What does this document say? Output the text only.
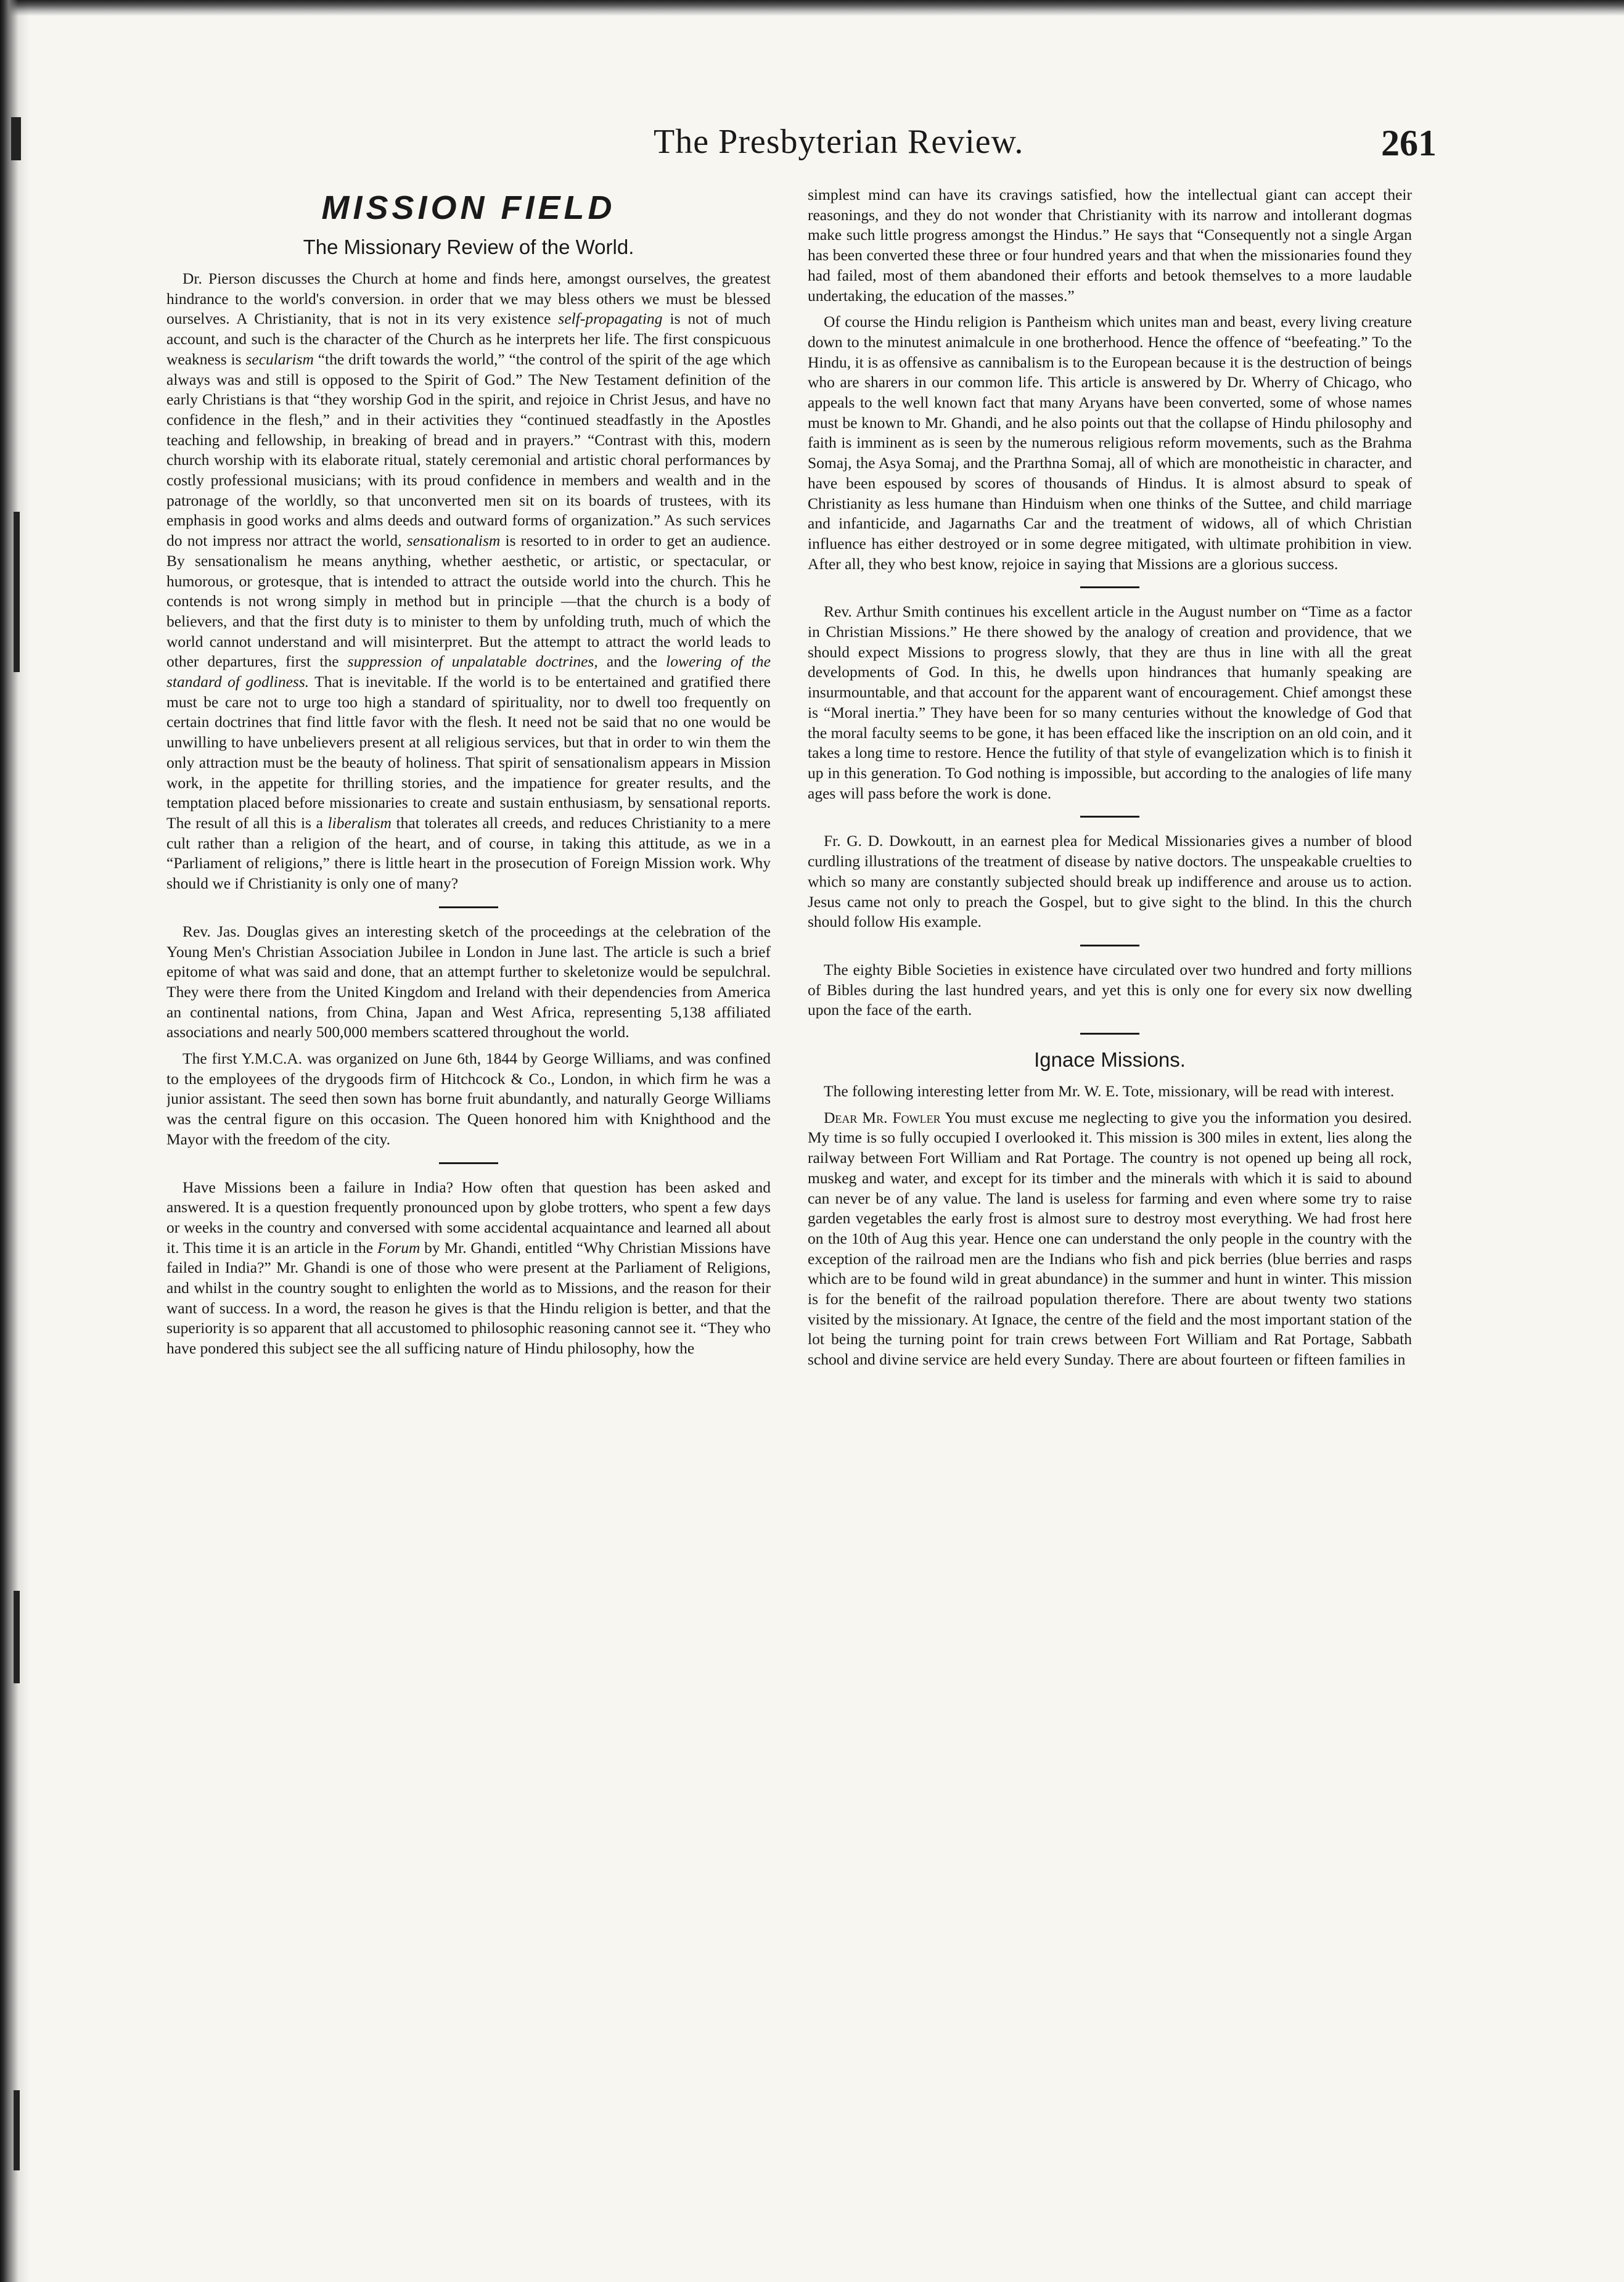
The Presbyterian Review.	261
MISSION FIELD
The Missionary Review of the World.

Dr. Pierson discusses the Church at home and finds here, amongst ourselves, the greatest hindrance to the world's conversion. in order that we may bless others we must be blessed ourselves. A Christianity, that is not in its very existence self-propagating is not of much account, and such is the character of the Church as he interprets her life. The first conspicuous weakness is secularism “the drift towards the world,” “the control of the spirit of the age which always was and still is opposed to the Spirit of God.” The New Testament definition of the early Christians is that “they worship God in the spirit, and rejoice in Christ Jesus, and have no confidence in the flesh,” and in their activities they “continued steadfastly in the Apostles teaching and fellowship, in breaking of bread and in prayers.” “Contrast with this, modern church worship with its elaborate ritual, stately ceremonial and artistic choral performances by costly professional musicians; with its proud confidence in members and wealth and in the patronage of the worldly, so that unconverted men sit on its boards of trustees, with its emphasis in good works and alms deeds and outward forms of organization.” As such services do not impress nor attract the world, sensationalism is resorted to in order to get an audience. By sensationalism he means anything, whether aesthetic, or artistic, or spectacular, or humorous, or grotesque, that is intended to attract the outside world into the church. This he contends is not wrong simply in method but in principle —that the church is a body of believers, and that the first duty is to minister to them by unfolding truth, much of which the world cannot understand and will misinterpret. But the attempt to attract the world leads to other departures, first the suppression of unpalatable doctrines, and the lowering of the standard of godliness. That is inevitable. If the world is to be entertained and gratified there must be care not to urge too high a standard of spirituality, nor to dwell too frequently on certain doctrines that find little favor with the flesh. It need not be said that no one would be unwilling to have unbelievers present at all religious services, but that in order to win them the only attraction must be the beauty of holiness. That spirit of sensationalism appears in Mission work, in the appetite for thrilling stories, and the impatience for greater results, and the temptation placed before missionaries to create and sustain enthusiasm, by sensational reports. The result of all this is a liberalism that tolerates all creeds, and reduces Christianity to a mere cult rather than a religion of the heart, and of course, in taking this attitude, as we in a “Parliament of religions,” there is little heart in the prosecution of Foreign Mission work. Why should we if Christianity is only one of many?

Rev. Jas. Douglas gives an interesting sketch of the proceedings at the celebration of the Young Men's Christian Association Jubilee in London in June last. The article is such a brief epitome of what was said and done, that an attempt further to skeletonize would be sepulchral. They were there from the United Kingdom and Ireland with their dependencies from America an continental nations, from China, Japan and West Africa, representing 5,138 affiliated associations and nearly 500,000 members scattered throughout the world.

The first Y.M.C.A. was organized on June 6th, 1844 by George Williams, and was confined to the employees of the drygoods firm of Hitchcock & Co., London, in which firm he was a junior assistant. The seed then sown has borne fruit abundantly, and naturally George Williams was the central figure on this occasion. The Queen honored him with Knighthood and the Mayor with the freedom of the city.

Have Missions been a failure in India? How often that question has been asked and answered. It is a question frequently pronounced upon by globe trotters, who spent a few days or weeks in the country and conversed with some accidental acquaintance and learned all about it. This time it is an article in the Forum by Mr. Ghandi, entitled “Why Christian Missions have failed in India?” Mr. Ghandi is one of those who were present at the Parliament of Religions, and whilst in the country sought to enlighten the world as to Missions, and the reason for their want of success. In a word, the reason he gives is that the Hindu religion is better, and that the superiority is so apparent that all accustomed to philosophic reasoning cannot see it. “They who have pondered this subject see the all sufficing nature of Hindu philosophy, how the

simplest mind can have its cravings satisfied, how the intellectual giant can accept their reasonings, and they do not wonder that Christianity with its narrow and intollerant dogmas make such little progress amongst the Hindus.” He says that “Consequently not a single Argan has been converted these three or four hundred years and that when the missionaries found they had failed, most of them abandoned their efforts and betook themselves to a more laudable undertaking, the education of the masses.”

Of course the Hindu religion is Pantheism which unites man and beast, every living creature down to the minutest animalcule in one brotherhood. Hence the offence of “beefeating.” To the Hindu, it is as offensive as cannibalism is to the European because it is the destruction of beings who are sharers in our common life. This article is answered by Dr. Wherry of Chicago, who appeals to the well known fact that many Aryans have been converted, some of whose names must be known to Mr. Ghandi, and he also points out that the collapse of Hindu philosophy and faith is imminent as is seen by the numerous religious reform movements, such as the Brahma Somaj, the Asya Somaj, and the Prarthna Somaj, all of which are monotheistic in character, and have been espoused by scores of thousands of Hindus. It is almost absurd to speak of Christianity as less humane than Hinduism when one thinks of the Suttee, and child marriage and infanticide, and Jagarnaths Car and the treatment of widows, all of which Christian influence has either destroyed or in some degree mitigated, with ultimate prohibition in view. After all, they who best know, rejoice in saying that Missions are a glorious success.

Rev. Arthur Smith continues his excellent article in the August number on “Time as a factor in Christian Missions.” He there showed by the analogy of creation and providence, that we should expect Missions to progress slowly, that they are thus in line with all the great developments of God. In this, he dwells upon hindrances that humanly speaking are insurmountable, and that account for the apparent want of encouragement. Chief amongst these is “Moral inertia.” They have been for so many centuries without the knowledge of God that the moral faculty seems to be gone, it has been effaced like the inscription on an old coin, and it takes a long time to restore. Hence the futility of that style of evangelization which is to finish it up in this generation. To God nothing is impossible, but according to the analogies of life many ages will pass before the work is done.

Fr. G. D. Dowkoutt, in an earnest plea for Medical Missionaries gives a number of blood curdling illustrations of the treatment of disease by native doctors. The unspeakable cruelties to which so many are constantly subjected should break up indifference and arouse us to action. Jesus came not only to preach the Gospel, but to give sight to the blind. In this the church should follow His example.

The eighty Bible Societies in existence have circulated over two hundred and forty millions of Bibles during the last hundred years, and yet this is only one for every six now dwelling upon the face of the earth.

Ignace Missions.

The following interesting letter from Mr. W. E. Tote, missionary, will be read with interest.

Dear Mr. Fowler You must excuse me neglecting to give you the information you desired. My time is so fully occupied I overlooked it. This mission is 300 miles in extent, lies along the railway between Fort William and Rat Portage. The country is not opened up being all rock, muskeg and water, and except for its timber and the minerals with which it is said to abound can never be of any value. The land is useless for farming and even where some try to raise garden vegetables the early frost is almost sure to destroy most everything. We had frost here on the 10th of Aug this year. Hence one can understand the only people in the country with the exception of the railroad men are the Indians who fish and pick berries (blue berries and rasps which are to be found wild in great abundance) in the summer and hunt in winter. This mission is for the benefit of the railroad population therefore. There are about twenty two stations visited by the missionary. At Ignace, the centre of the field and the most important station of the lot being the turning point for train crews between Fort William and Rat Portage, Sabbath school and divine service are held every Sunday. There are about fourteen or fifteen families in
